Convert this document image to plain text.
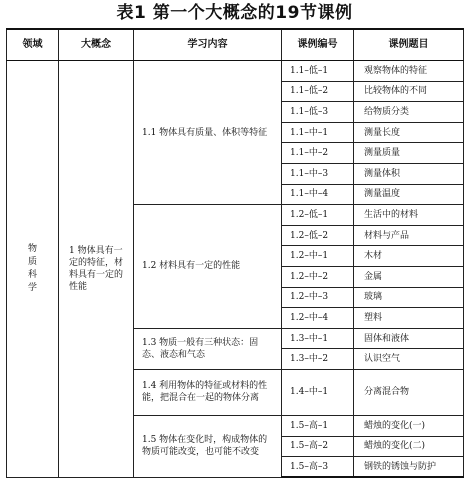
表1 第一个大概念的19节课例
领域	大概念	学习内容	课例编号	课例题目
物质科学	1 物体具有一定的特征，材料具有一定的性能	1.1 物体具有质量、体积等特征	1.1–低–1	观察物体的特征
			1.1–低–2	比较物体的不同
			1.1–低–3	给物质分类
			1.1–中–1	测量长度
			1.1–中–2	测量质量
			1.1–中–3	测量体积
			1.1–中–4	测量温度
		1.2 材料具有一定的性能	1.2–低–1	生活中的材料
			1.2–低–2	材料与产品
			1.2–中–1	木材
			1.2–中–2	金属
			1.2–中–3	玻璃
			1.2–中–4	塑料
		1.3 物质一般有三种状态：固态、液态和气态	1.3–中–1	固体和液体
			1.3–中–2	认识空气
		1.4 利用物体的特征或材料的性能，把混合在一起的物体分离	1.4–中–1	分离混合物
		1.5 物体在变化时，构成物体的物质可能改变，也可能不改变	1.5–高–1	蜡烛的变化(一)
			1.5–高–2	蜡烛的变化(二)
			1.5–高–3	钢铁的锈蚀与防护
